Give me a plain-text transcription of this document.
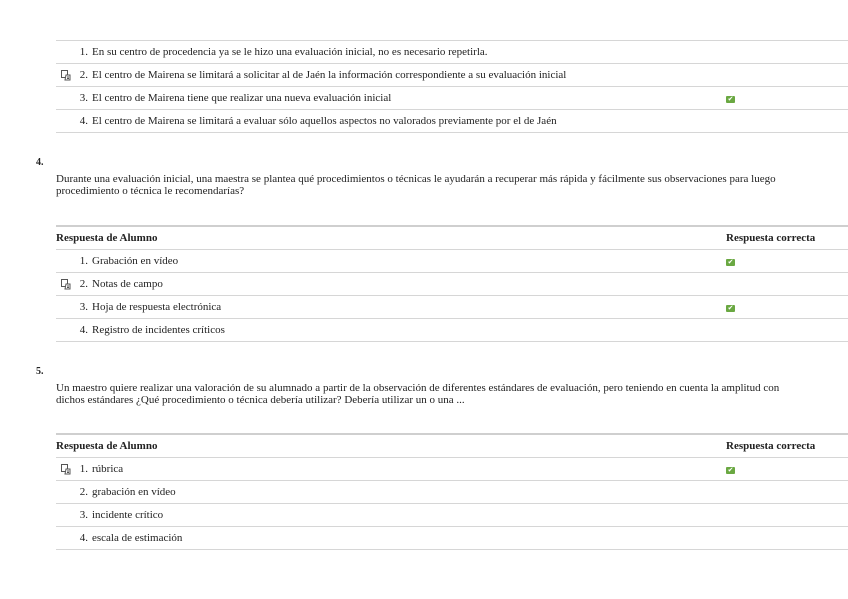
1. En su centro de procedencia ya se le hizo una evaluación inicial, no es necesario repetirla.	

2. El centro de Mairena se limitará a solicitar al de Jaén la información correspondiente a su evaluación inicial	

3. El centro de Mairena tiene que realizar una nueva evaluación inicial	✔

4. El centro de Mairena se limitará a evaluar sólo aquellos aspectos no valorados previamente por el de Jaén	

4.
Durante una evaluación inicial, una maestra se plantea qué procedimientos o técnicas le ayudarán a recuperar más rápida y fácilmente sus observaciones para luego
procedimiento o técnica le recomendarías?
Respuesta de Alumno	Respuesta correcta

1. Grabación en vídeo	✔

2. Notas de campo	

3. Hoja de respuesta electrónica	✔

4. Registro de incidentes críticos	

5.
Un maestro quiere realizar una valoración de su alumnado a partir de la observación de diferentes estándares de evaluación, pero teniendo en cuenta la amplitud con
dichos estándares ¿Qué procedimiento o técnica debería utilizar? Debería utilizar un o una ...
Respuesta de Alumno	Respuesta correcta

1. rúbrica	✔

2. grabación en vídeo	

3. incidente crítico	

4. escala de estimación	
